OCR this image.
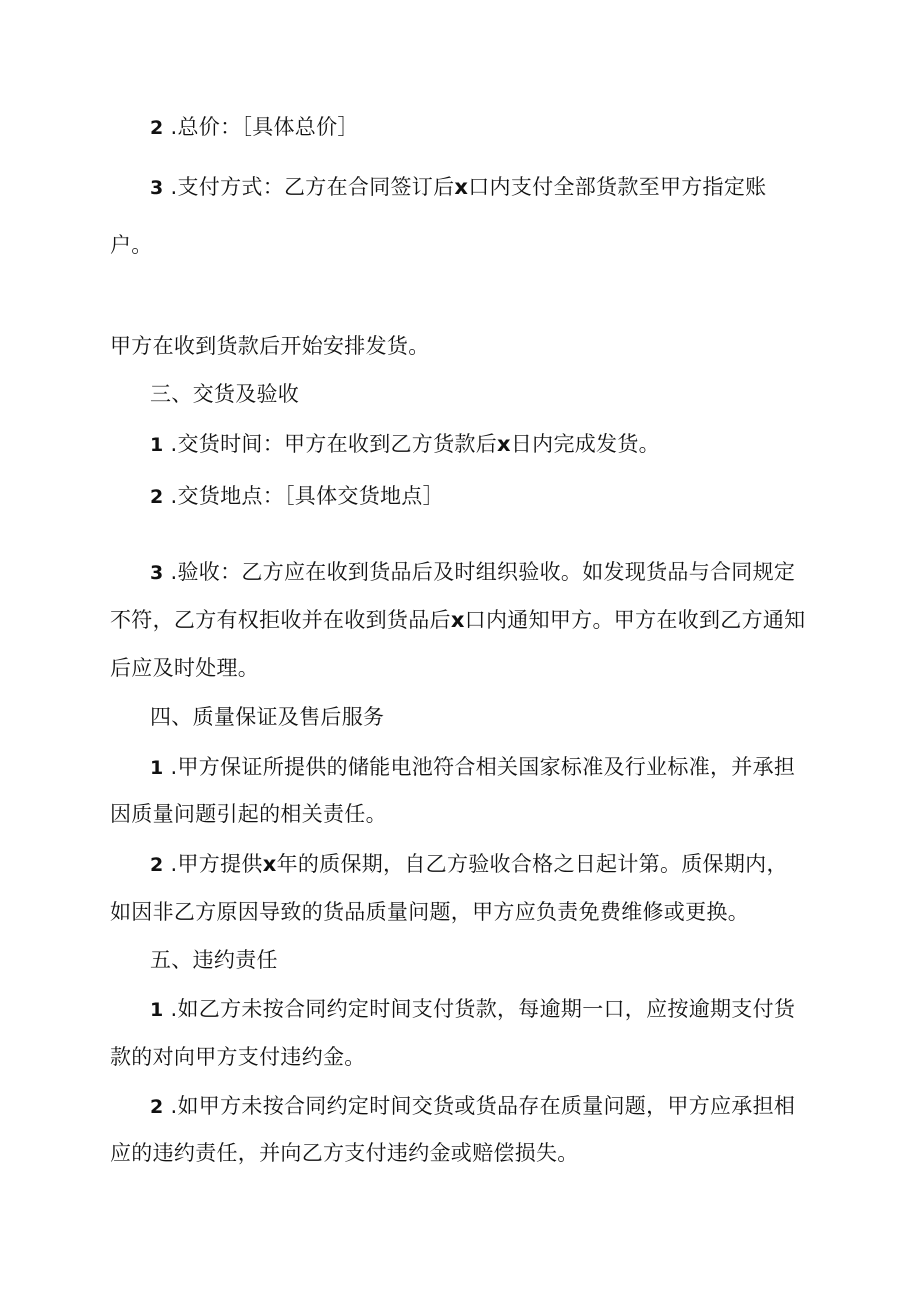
2 .总价：［具体总价］
3 .支付方式：乙方在合同签订后x口内支付全部货款至甲方指定账
户。
甲方在收到货款后开始安排发货。
三、交货及验收
1 .交货时间：甲方在收到乙方货款后x日内完成发货。
2 .交货地点：［具体交货地点］
3 .验收：乙方应在收到货品后及时组织验收。如发现货品与合同规定
不符，乙方有权拒收并在收到货品后x口内通知甲方。甲方在收到乙方通知
后应及时处理。
四、质量保证及售后服务
1 .甲方保证所提供的储能电池符合相关国家标准及行业标准，并承担
因质量问题引起的相关责任。
2 .甲方提供x年的质保期，自乙方验收合格之日起计第。质保期内，
如因非乙方原因导致的货品质量问题，甲方应负责免费维修或更换。
五、违约责任
1 .如乙方未按合同约定时间支付货款，每逾期一口，应按逾期支付货
款的对向甲方支付违约金。
2 .如甲方未按合同约定时间交货或货品存在质量问题，甲方应承担相
应的违约责任，并向乙方支付违约金或赔偿损失。
